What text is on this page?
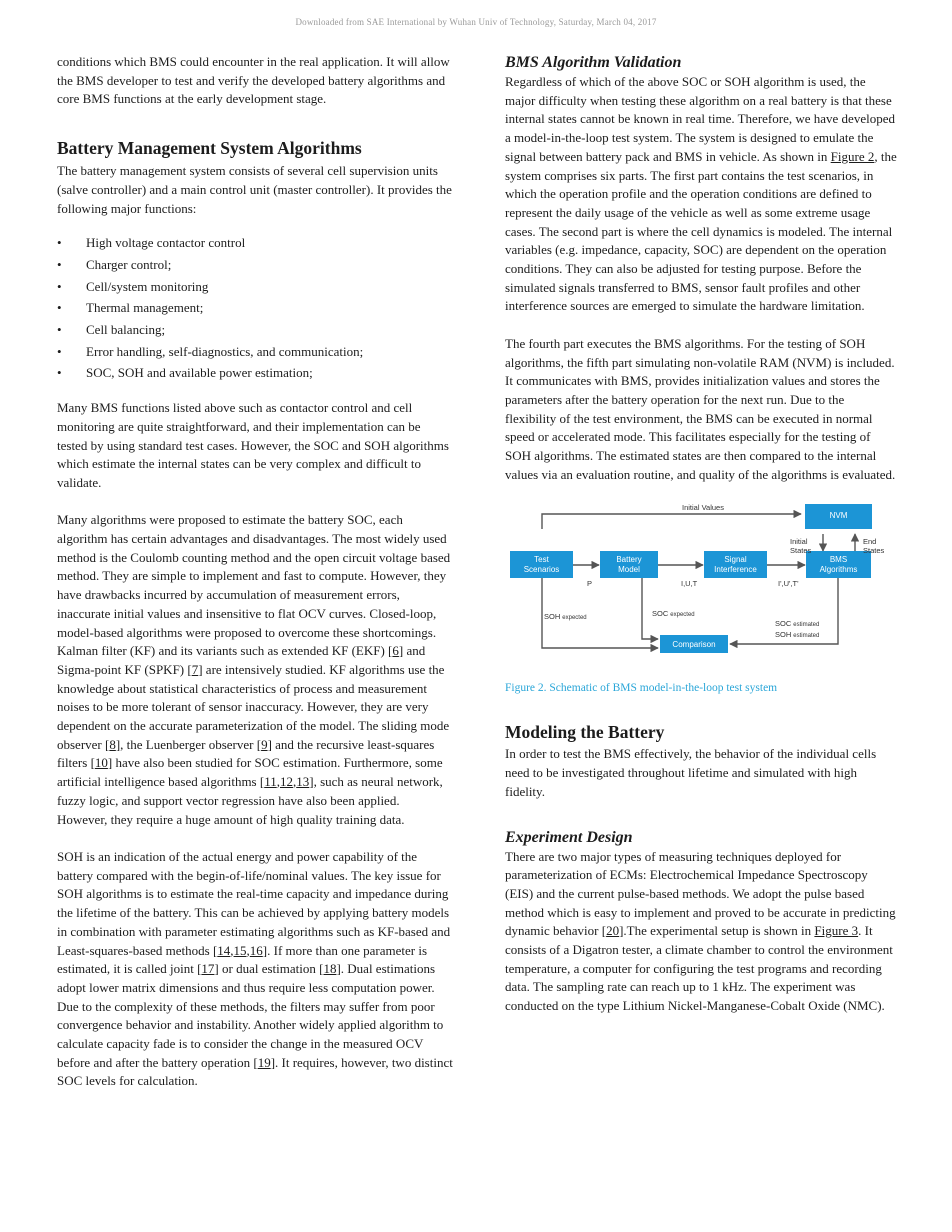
Downloaded from SAE International by Wuhan Univ of Technology, Saturday, March 04, 2017

conditions which BMS could encounter in the real application. It will allow the BMS developer to test and verify the developed battery algorithms and core BMS functions at the early development stage.

Battery Management System Algorithms

The battery management system consists of several cell supervision units (salve controller) and a main control unit (master controller). It provides the following major functions:

• High voltage contactor control
• Charger control;
• Cell/system monitoring
• Thermal management;
• Cell balancing;
• Error handling, self-diagnostics, and communication;
• SOC, SOH and available power estimation;

Many BMS functions listed above such as contactor control and cell monitoring are quite straightforward, and their implementation can be tested by using standard test cases. However, the SOC and SOH algorithms which estimate the internal states can be very complex and difficult to validate.

Many algorithms were proposed to estimate the battery SOC, each algorithm has certain advantages and disadvantages. The most widely used method is the Coulomb counting method and the open circuit voltage based method. They are simple to implement and fast to compute. However, they have drawbacks incurred by accumulation of measurement errors, inaccurate initial values and insensitive to flat OCV curves. Closed-loop, model-based algorithms were proposed to overcome these shortcomings. Kalman filter (KF) and its variants such as extended KF (EKF) [6] and Sigma-point KF (SPKF) [7] are intensively studied. KF algorithms use the knowledge about statistical characteristics of process and measurement noises to be more tolerant of sensor inaccuracy. However, they are very dependent on the accurate parameterization of the model. The sliding mode observer [8], the Luenberger observer [9] and the recursive least-squares filters [10] have also been studied for SOC estimation. Furthermore, some artificial intelligence based algorithms [11,12,13], such as neural network, fuzzy logic, and support vector regression have also been applied. However, they require a huge amount of high quality training data.

SOH is an indication of the actual energy and power capability of the battery compared with the begin-of-life/nominal values. The key issue for SOH algorithms is to estimate the real-time capacity and impedance during the lifetime of the battery. This can be achieved by applying battery models in combination with parameter estimating algorithms such as KF-based and Least-squares-based methods [14,15,16]. If more than one parameter is estimated, it is called joint [17] or dual estimation [18]. Dual estimations adopt lower matrix dimensions and thus require less computation power. Due to the complexity of these methods, the filters may suffer from poor convergence behavior and instability. Another widely applied algorithm to calculate capacity fade is to consider the change in the measured OCV before and after the battery operation [19]. It requires, however, two distinct SOC levels for calculation.

BMS Algorithm Validation

Regardless of which of the above SOC or SOH algorithm is used, the major difficulty when testing these algorithm on a real battery is that these internal states cannot be known in real time. Therefore, we have developed a model-in-the-loop test system. The system is designed to emulate the signal between battery pack and BMS in vehicle. As shown in Figure 2, the system comprises six parts. The first part contains the test scenarios, in which the operation profile and the operation conditions are defined to represent the daily usage of the vehicle as well as some extreme usage cases. The second part is where the cell dynamics is modeled. The internal variables (e.g. impedance, capacity, SOC) are dependent on the operation conditions. They can also be adjusted for testing purpose. Before the simulated signals transferred to BMS, sensor fault profiles and other interference sources are emerged to simulate the hardware limitation.

The fourth part executes the BMS algorithms. For the testing of SOH algorithms, the fifth part simulating non-volatile RAM (NVM) is included. It communicates with BMS, provides initialization values and stores the parameters after the battery operation for the next run. Due to the flexibility of the test environment, the BMS can be executed in normal speed or accelerated mode. This facilitates especially for the testing of SOH algorithms. The estimated states are then compared to the internal values via an evaluation routine, and quality of the algorithms is evaluated.

Test
Scenarios
Battery
Model
Signal
Interference
BMS
Algorithms
NVM
Comparison
Initial Values
Initial
States
End
States
P	I,U,T	I',U',T'
SOH expected	SOC expected
SOC estimated
SOH estimated
Figure 2. Schematic of BMS model-in-the-loop test system
Modeling the Battery

In order to test the BMS effectively, the behavior of the individual cells need to be investigated throughout lifetime and simulated with high fidelity.

Experiment Design

There are two major types of measuring techniques deployed for parameterization of ECMs: Electrochemical Impedance Spectroscopy (EIS) and the current pulse-based methods. We adopt the pulse based method which is easy to implement and proved to be accurate in predicting dynamic behavior [20].The experimental setup is shown in Figure 3. It consists of a Digatron tester, a climate chamber to control the environment temperature, a computer for configuring the test programs and recording data. The sampling rate can reach up to 1 kHz. The experiment was conducted on the type Lithium Nickel-Manganese-Cobalt Oxide (NMC).
